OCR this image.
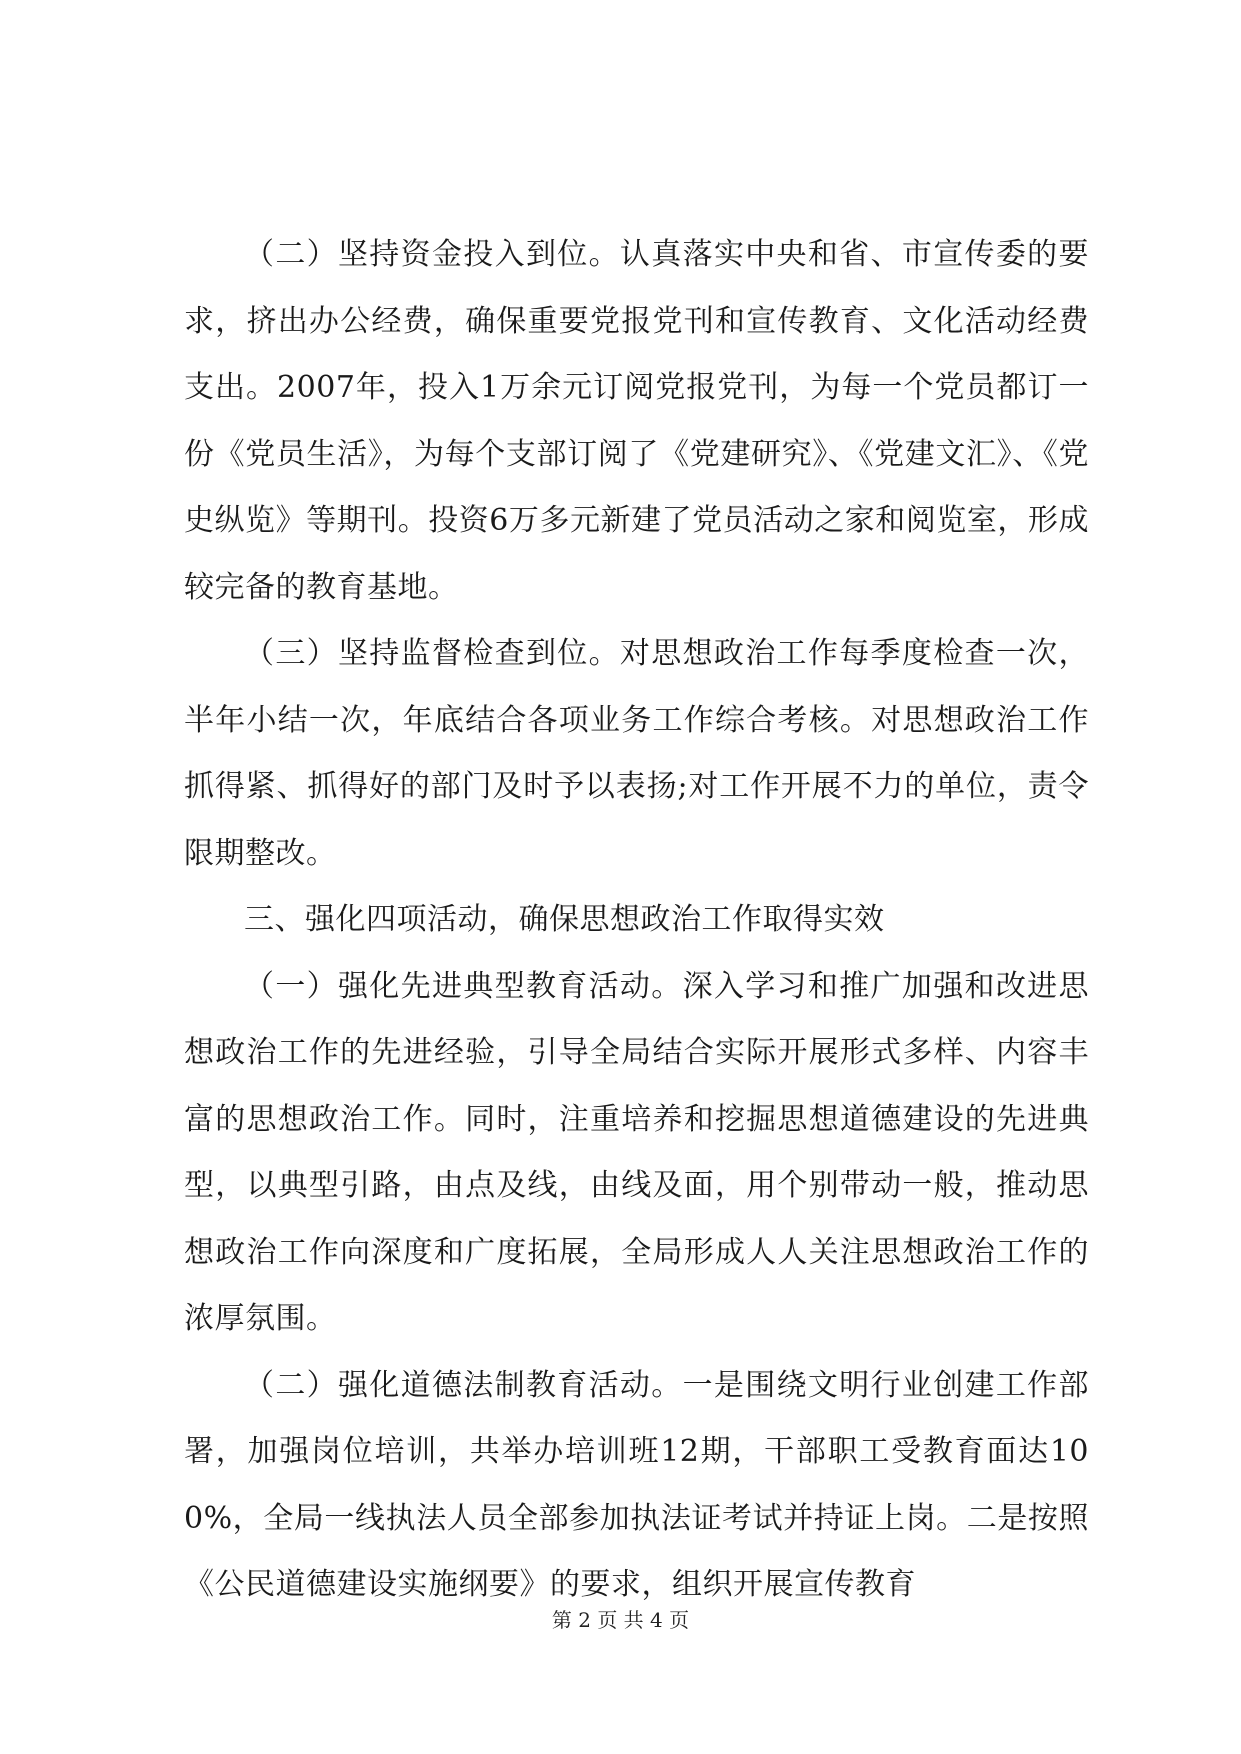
（二）坚持资金投入到位。认真落实中央和省、市宣传委的要求，挤出办公经费，确保重要党报党刊和宣传教育、文化活动经费支出。2007年，投入1万余元订阅党报党刊，为每一个党员都订一份《党员生活》，为每个支部订阅了《党建研究》、《党建文汇》、《党史纵览》等期刊。投资6万多元新建了党员活动之家和阅览室，形成较完备的教育基地。

（三）坚持监督检查到位。对思想政治工作每季度检查一次，半年小结一次，年底结合各项业务工作综合考核。对思想政治工作抓得紧、抓得好的部门及时予以表扬;对工作开展不力的单位，责令限期整改。

三、强化四项活动，确保思想政治工作取得实效

（一）强化先进典型教育活动。深入学习和推广加强和改进思想政治工作的先进经验，引导全局结合实际开展形式多样、内容丰富的思想政治工作。同时，注重培养和挖掘思想道德建设的先进典型，以典型引路，由点及线，由线及面，用个别带动一般，推动思想政治工作向深度和广度拓展，全局形成人人关注思想政治工作的浓厚氛围。

（二）强化道德法制教育活动。一是围绕文明行业创建工作部署，加强岗位培训，共举办培训班12期，干部职工受教育面达100%，全局一线执法人员全部参加执法证考试并持证上岗。二是按照《公民道德建设实施纲要》的要求，组织开展宣传教育

第 2 页 共 4 页
